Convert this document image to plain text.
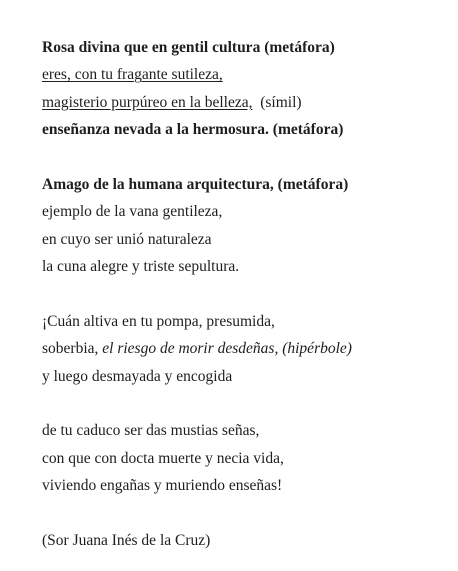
Rosa divina que en gentil cultura (metáfora)
eres, con tu fragante sutileza,
magisterio purpúreo en la belleza, (símil)
enseñanza nevada a la hermosura. (metáfora)
Amago de la humana arquitectura, (metáfora)
ejemplo de la vana gentileza,
en cuyo ser unió naturaleza
la cuna alegre y triste sepultura.
¡Cuán altiva en tu pompa, presumida,
soberbia, el riesgo de morir desdeñas, (hipérbole)
y luego desmayada y encogida
de tu caduco ser das mustias señas,
con que con docta muerte y necia vida,
viviendo engañas y muriendo enseñas!
(Sor Juana Inés de la Cruz)
